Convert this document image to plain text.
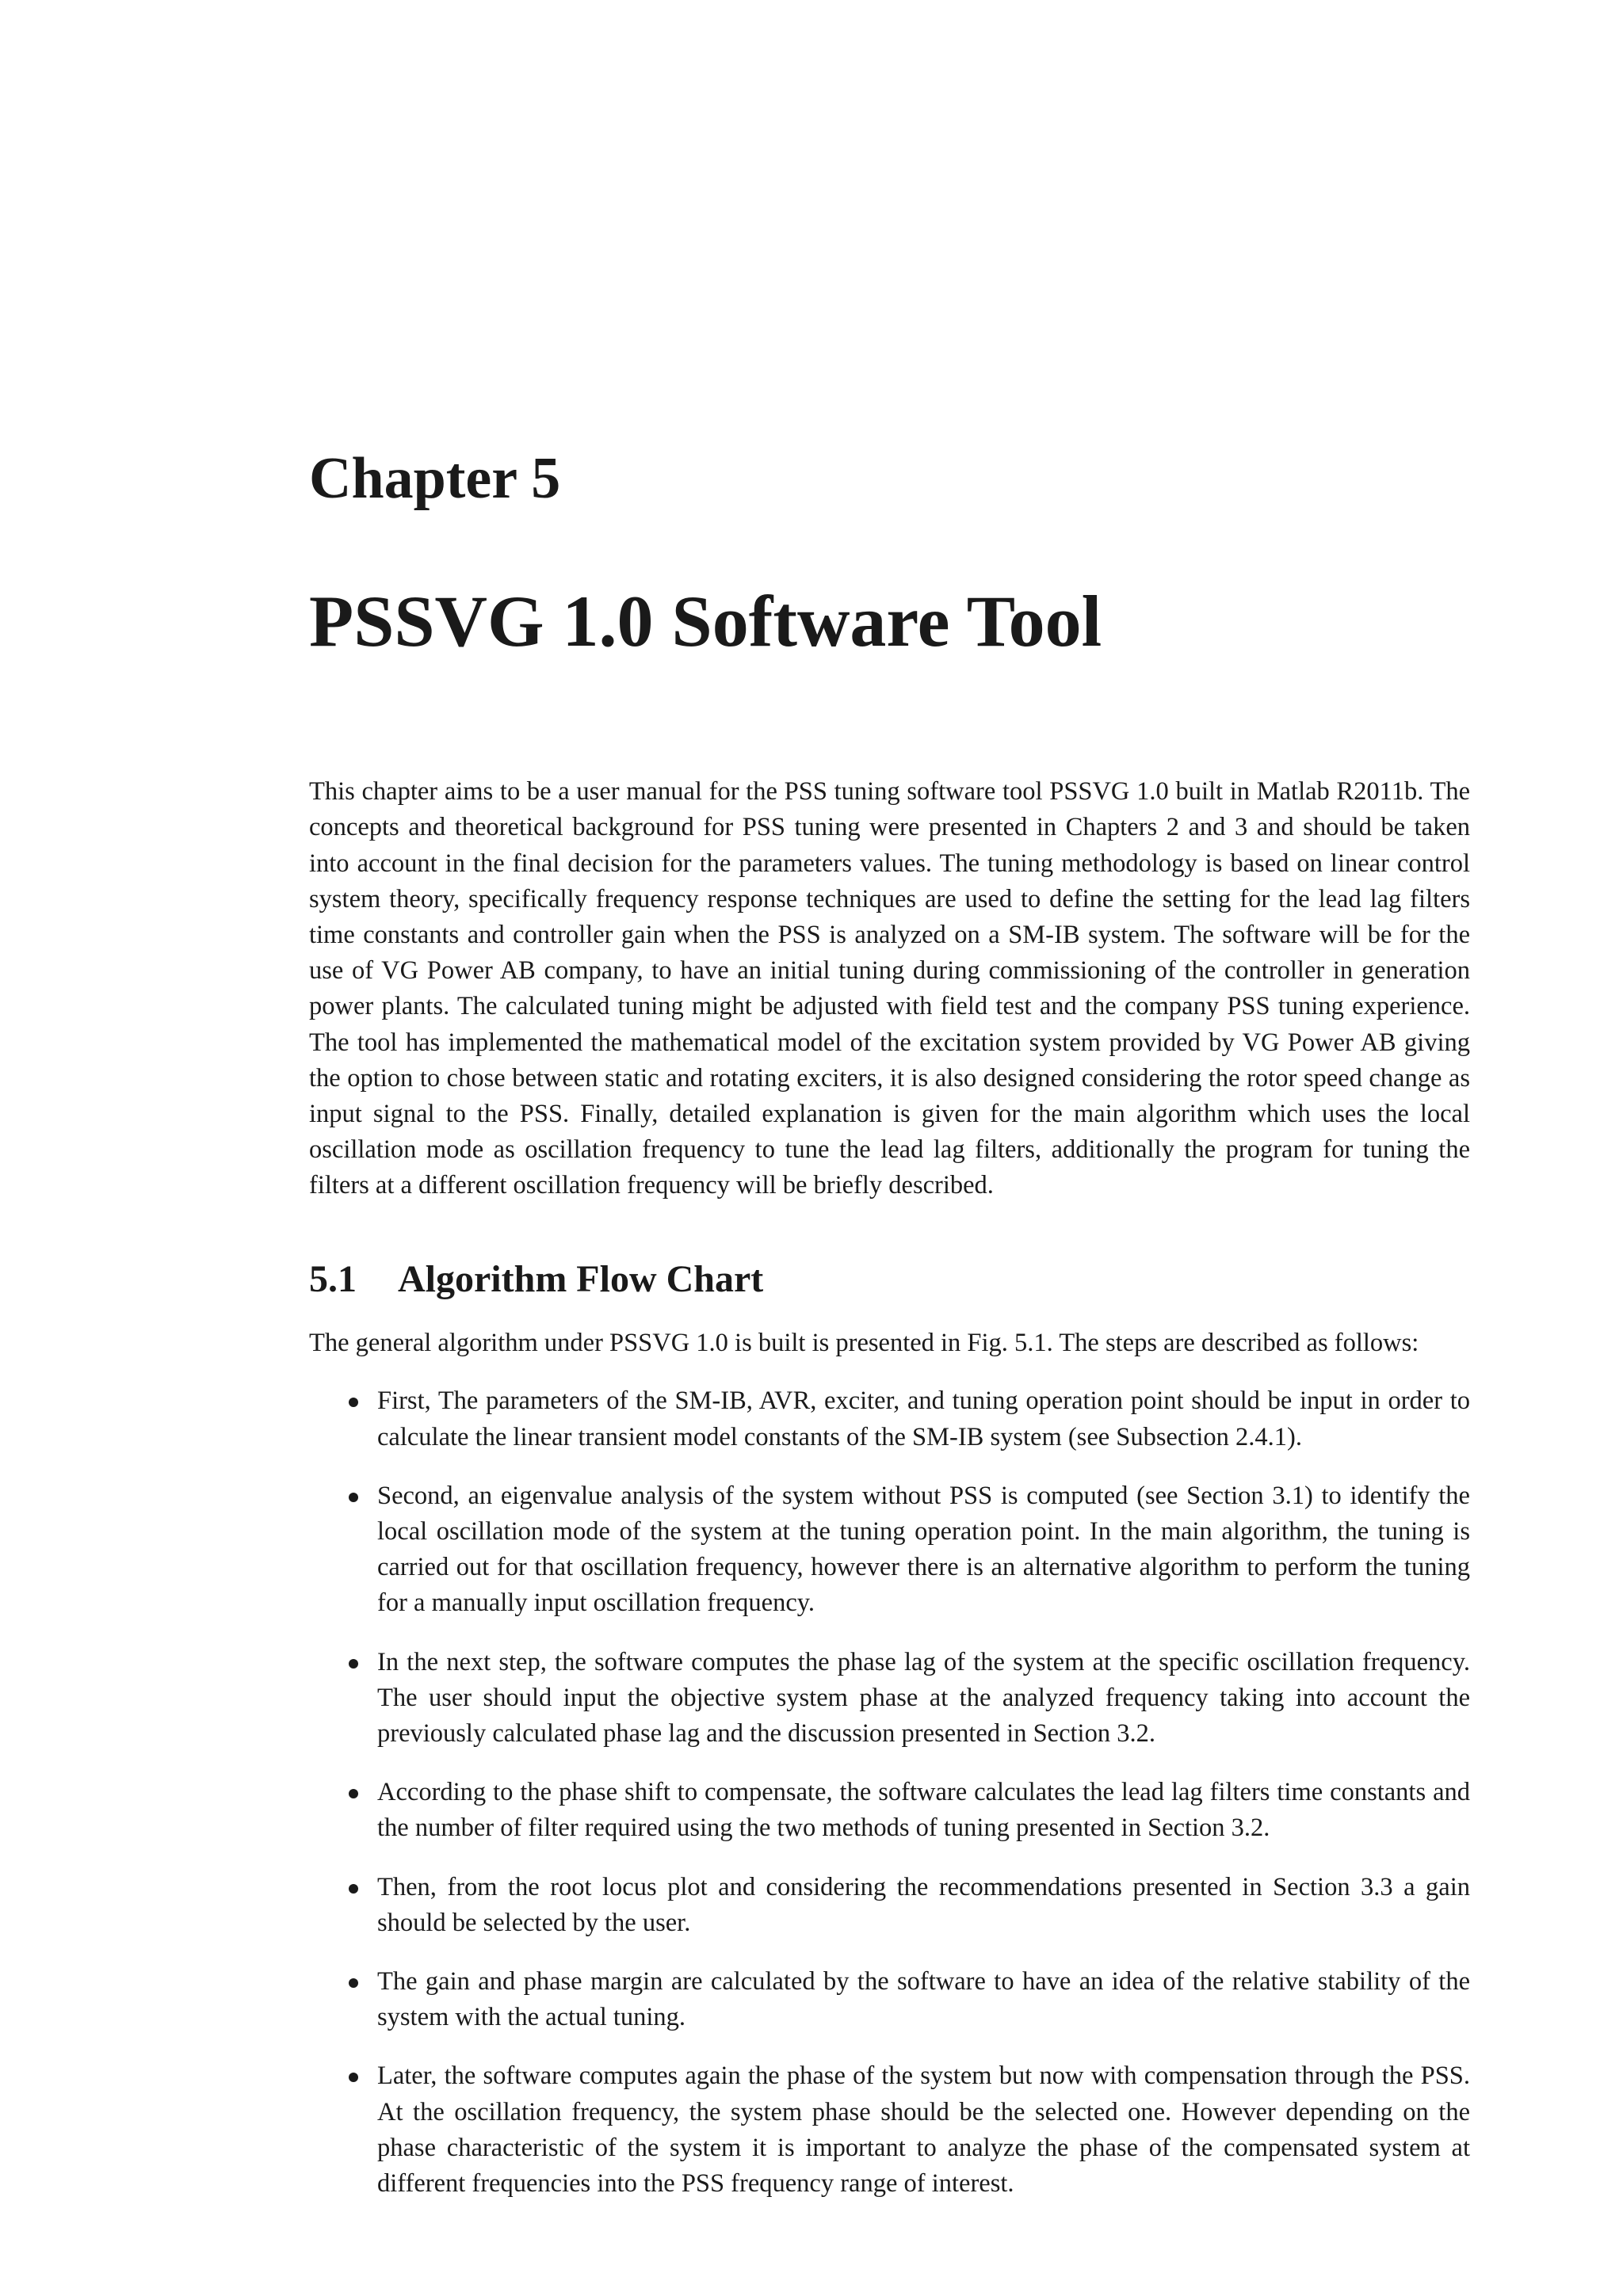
Chapter 5
PSSVG 1.0 Software Tool

This chapter aims to be a user manual for the PSS tuning software tool PSSVG 1.0 built in Matlab R2011b. The concepts and theoretical background for PSS tuning were presented in Chapters 2 and 3 and should be taken into account in the final decision for the parameters values. The tuning methodology is based on linear control system theory, specifically frequency response techniques are used to define the setting for the lead lag filters time constants and controller gain when the PSS is analyzed on a SM-IB system. The software will be for the use of VG Power AB company, to have an initial tuning during commissioning of the controller in generation power plants. The calculated tuning might be adjusted with field test and the company PSS tuning experience. The tool has implemented the mathematical model of the excitation system provided by VG Power AB giving the option to chose between static and rotating exciters, it is also designed considering the rotor speed change as input signal to the PSS. Finally, detailed explanation is given for the main algorithm which uses the local oscillation mode as oscillation frequency to tune the lead lag filters, additionally the program for tuning the filters at a different oscillation frequency will be briefly described.

5.1	Algorithm Flow Chart

The general algorithm under PSSVG 1.0 is built is presented in Fig. 5.1. The steps are described as follows:

First, The parameters of the SM-IB, AVR, exciter, and tuning operation point should be input in order to calculate the linear transient model constants of the SM-IB system (see Subsection 2.4.1).
Second, an eigenvalue analysis of the system without PSS is computed (see Section 3.1) to identify the local oscillation mode of the system at the tuning operation point. In the main algorithm, the tuning is carried out for that oscillation frequency, however there is an alternative algorithm to perform the tuning for a manually input oscillation frequency.
In the next step, the software computes the phase lag of the system at the specific oscillation frequency. The user should input the objective system phase at the analyzed frequency taking into account the previously calculated phase lag and the discussion presented in Section 3.2.
According to the phase shift to compensate, the software calculates the lead lag filters time constants and the number of filter required using the two methods of tuning presented in Section 3.2.
Then, from the root locus plot and considering the recommendations presented in Section 3.3 a gain should be selected by the user.
The gain and phase margin are calculated by the software to have an idea of the relative stability of the system with the actual tuning.
Later, the software computes again the phase of the system but now with compensation through the PSS. At the oscillation frequency, the system phase should be the selected one. However depending on the phase characteristic of the system it is important to analyze the phase of the compensated system at different frequencies into the PSS frequency range of interest.
